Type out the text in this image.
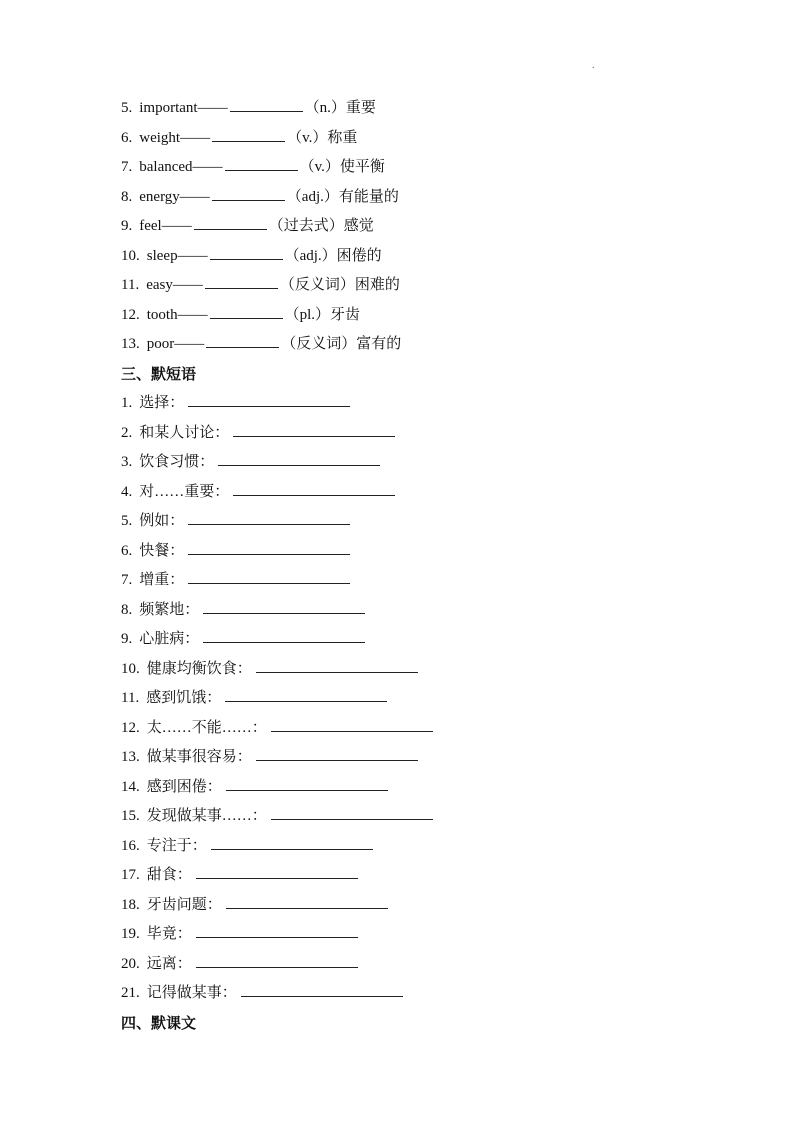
.
5. important——	（n.）重要
6. weight——	（v.）称重
7. balanced——	（v.）使平衡
8. energy——	（adj.）有能量的
9. feel——	（过去式）感觉
10. sleep——	（adj.）困倦的
11. easy——	（反义词）困难的
12. tooth——	（pl.）牙齿
13. poor——	（反义词）富有的
三、默短语
1. 选择：
2. 和某人讨论：
3. 饮食习惯：
4. 对……重要：
5. 例如：
6. 快餐：
7. 增重：
8. 频繁地：
9. 心脏病：
10. 健康均衡饮食：
11. 感到饥饿：
12. 太……不能……：
13. 做某事很容易：
14. 感到困倦：
15. 发现做某事……：
16. 专注于：
17. 甜食：
18. 牙齿问题：
19. 毕竟：
20. 远离：
21. 记得做某事：
四、默课文
